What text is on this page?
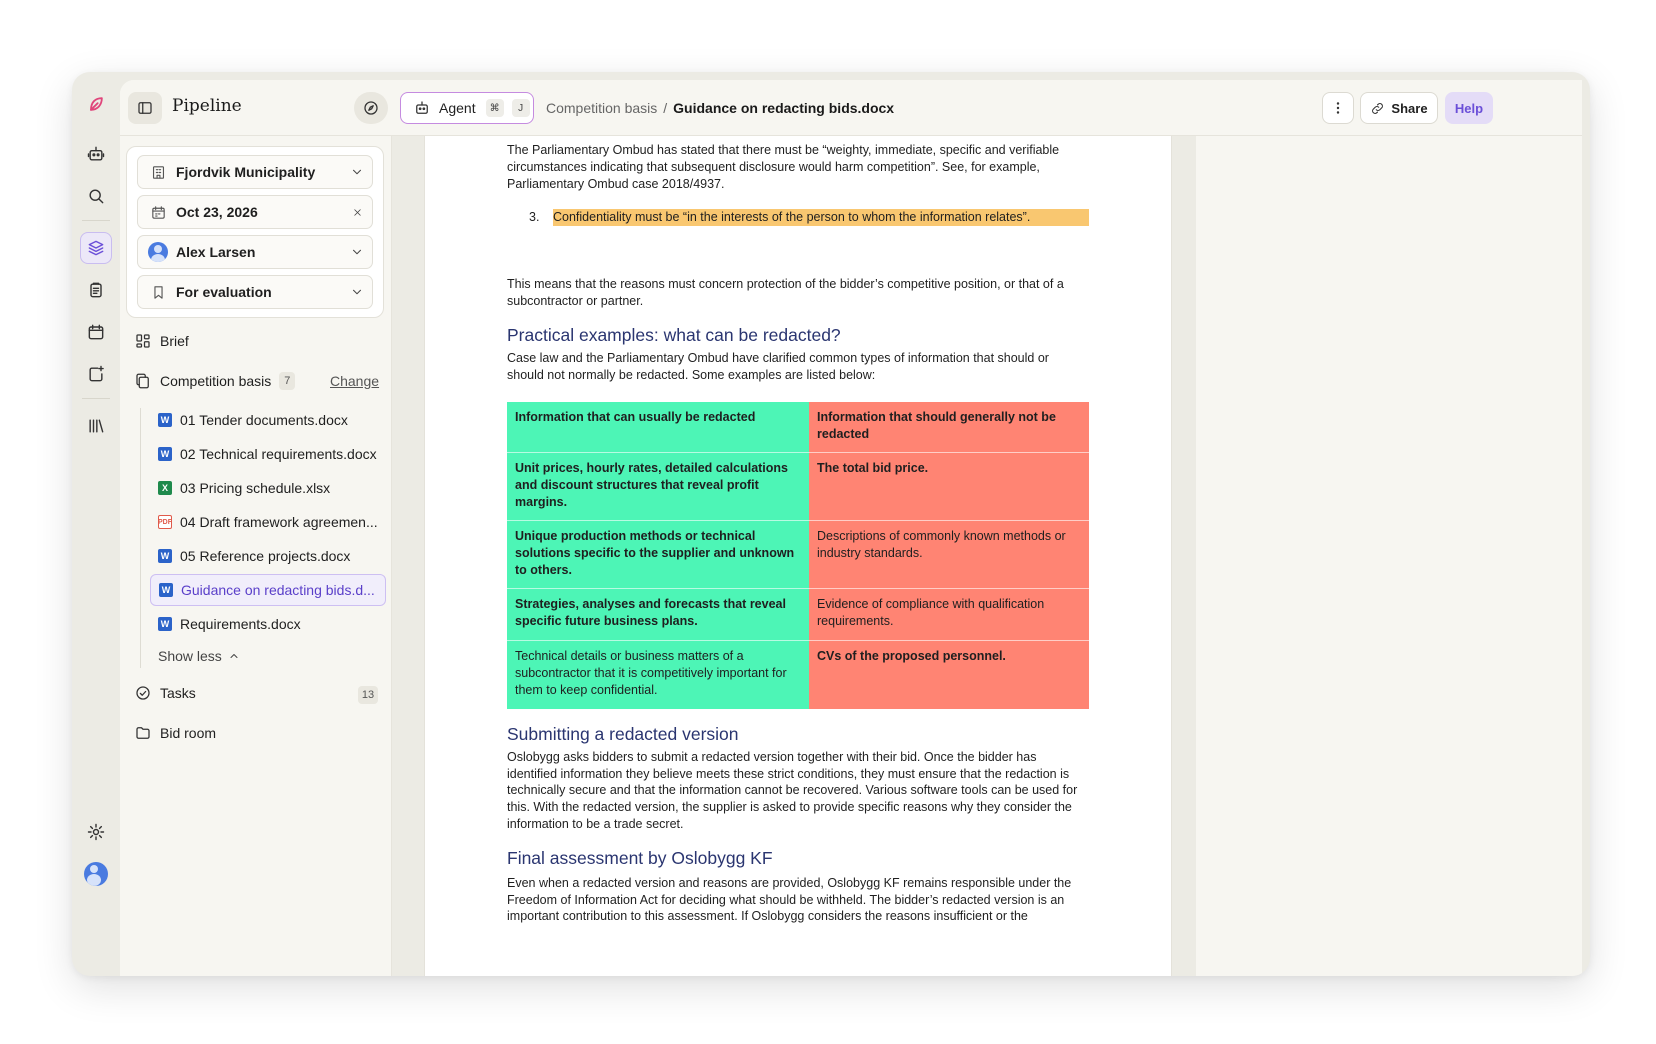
Pipeline	Agent	⌘	J	Competition basis / Guidance on redacting bids.docx	Share	Help
Fjordvik Municipality
Oct 23, 2026
Alex Larsen
For evaluation
Brief
Competition basis	7	Change
W 01 Tender documents.docx
W 02 Technical requirements.docx
X 03 Pricing schedule.xlsx
PDF 04 Draft framework agreemen...
W 05 Reference projects.docx
W Guidance on redacting bids.d...
W Requirements.docx
Show less
Tasks	13
Bid room

The Parliamentary Ombud has stated that there must be “weighty, immediate, specific and verifiable circumstances indicating that subsequent disclosure would harm competition”. See, for example, Parliamentary Ombud case 2018/4937.

3.	Confidentiality must be “in the interests of the person to whom the information relates”.

This means that the reasons must concern protection of the bidder’s competitive position, or that of a subcontractor or partner.

Practical examples: what can be redacted?

Case law and the Parliamentary Ombud have clarified common types of information that should or should not normally be redacted. Some examples are listed below:

Information that can usually be redacted	Information that should generally not be redacted
Unit prices, hourly rates, detailed calculations and discount structures that reveal profit margins.	The total bid price.
Unique production methods or technical solutions specific to the supplier and unknown to others.	Descriptions of commonly known methods or industry standards.
Strategies, analyses and forecasts that reveal specific future business plans.	Evidence of compliance with qualification requirements.
Technical details or business matters of a subcontractor that it is competitively important for them to keep confidential.	CVs of the proposed personnel.
Submitting a redacted version

Oslobygg asks bidders to submit a redacted version together with their bid. Once the bidder has identified information they believe meets these strict conditions, they must ensure that the redaction is technically secure and that the information cannot be recovered. Various software tools can be used for this. With the redacted version, the supplier is asked to provide specific reasons why they consider the information to be a trade secret.

Final assessment by Oslobygg KF

Even when a redacted version and reasons are provided, Oslobygg KF remains responsible under the Freedom of Information Act for deciding what should be withheld. The bidder’s redacted version is an important contribution to this assessment. If Oslobygg considers the reasons insufficient or the
